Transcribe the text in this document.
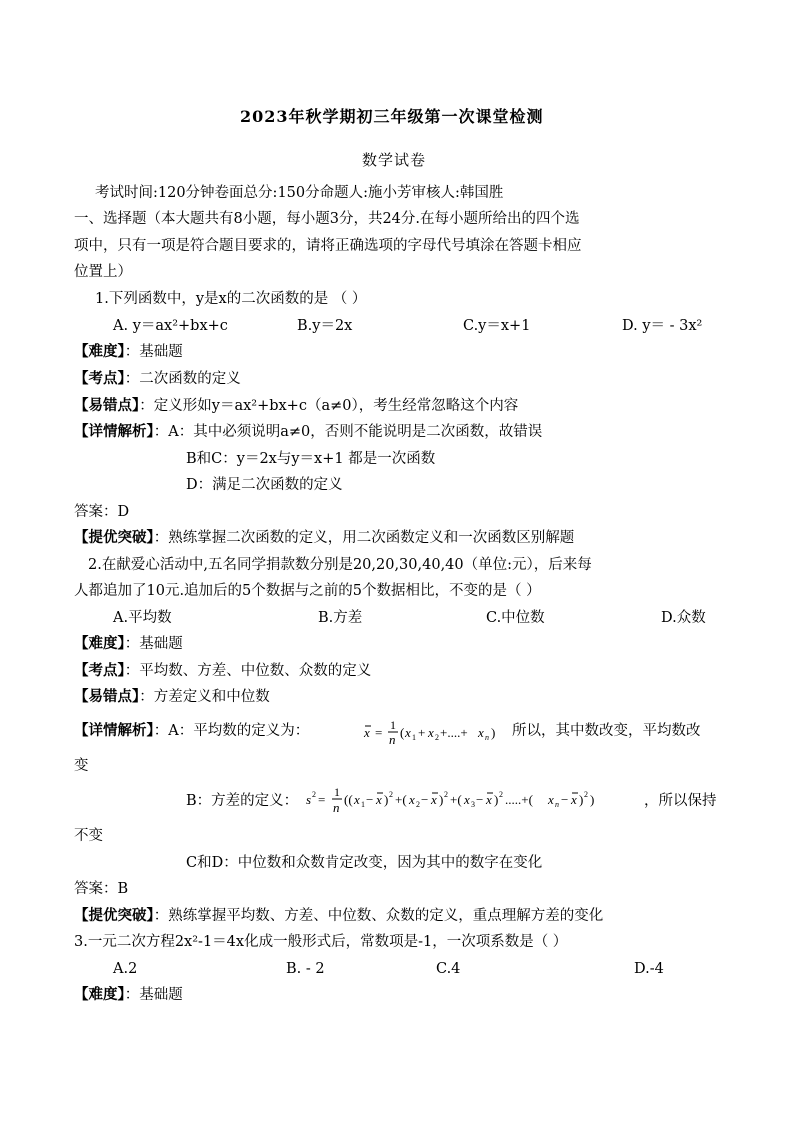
2023年秋学期初三年级第一次课堂检测
数学试卷
考试时间:120分钟卷面总分:150分命题人:施小芳审核人:韩国胜
一、选择题（本大题共有8小题，每小题3分，共24分.在每小题所给出的四个选
项中，只有一项是符合题目要求的，请将正确选项的字母代号填涂在答题卡相应
位置上）
1.下列函数中，y是x的二次函数的是 （ ）
A. y＝ax²+bx+c	B.y＝2x	C.y＝x+1	D. y＝ - 3x²
【难度】：基础题
【考点】：二次函数的定义
【易错点】：定义形如y＝ax²+bx+c（a≠0），考生经常忽略这个内容
【详情解析】：A：其中必须说明a≠0，否则不能说明是二次函数，故错误
B和C：y＝2x与y＝x+1 都是一次函数
D：满足二次函数的定义
答案：D
【提优突破】：熟练掌握二次函数的定义，用二次函数定义和一次函数区别解题
2.在献爱心活动中,五名同学捐款数分别是20,20,30,40,40（单位:元），后来每
人都追加了10元.追加后的5个数据与之前的5个数据相比，不变的是（ ）
A.平均数	B.方差	C.中位数	D.众数
【难度】：基础题
【考点】：平均数、方差、中位数、众数的定义
【易错点】：方差定义和中位数
【详情解析】：A：平均数的定义为：	x = 1
n ( x 1 + x 2 +....+ x n ) 所以，其中数改变，平均数改
变
B：方差的定义： s 2 = 1
n
(( x 1 − x ) 2 +( x 2 − x ) 2 +( x 3 − x ) 2 .....+( x n − x ) 2 )	，所以保持
不变
C和D：中位数和众数肯定改变，因为其中的数字在变化
答案：B
【提优突破】：熟练掌握平均数、方差、中位数、众数的定义，重点理解方差的变化
3.一元二次方程2x²-1＝4x化成一般形式后，常数项是-1，一次项系数是（ ）
A.2	B. - 2	C.4	D.-4
【难度】：基础题
